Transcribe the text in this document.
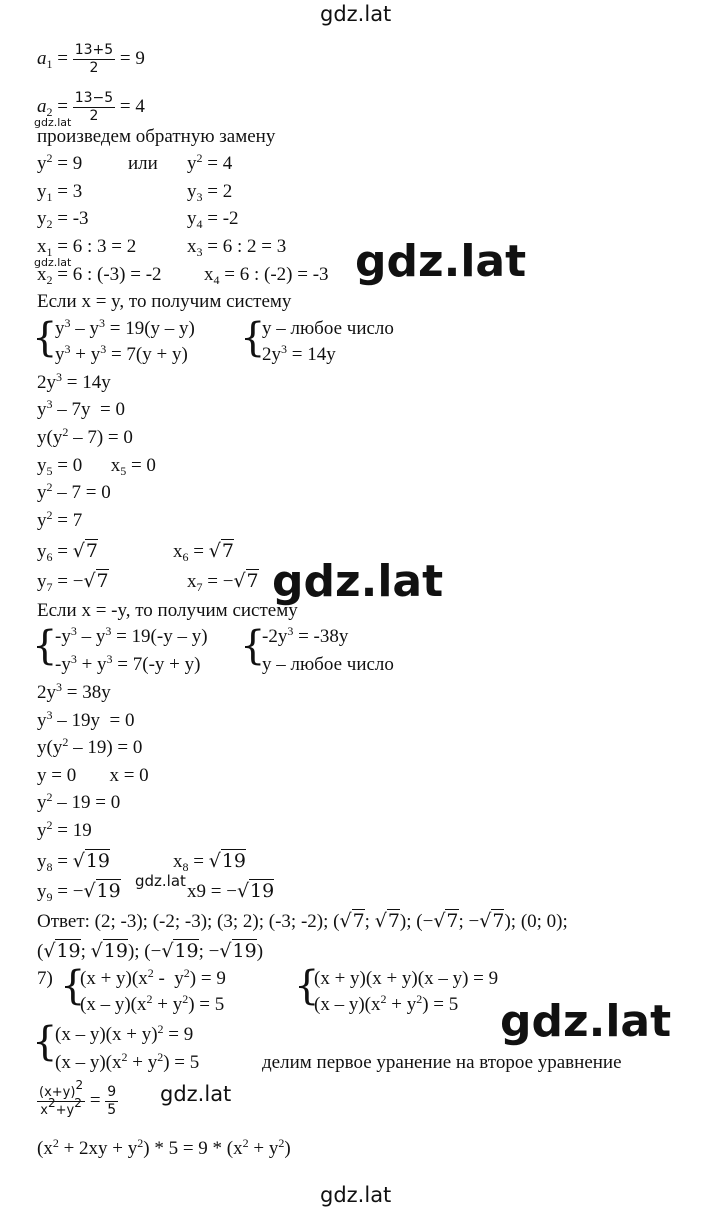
gdz.lat
$a_1 = \frac{13+5}{2} = 9$
$a_2 = \frac{13-5}{2} = 4$
gdz.lat
произведем обратную замену
$y^2 = 9$ или $y^2 = 4$
$y_1 = 3$	$y_3 = 2$
$y_2 = -3$	$y_4 = -2$
$x_1 = 6$ : 3 = 2	$x_3 = 6$ : 2 = 3
gdz.lat
$x_2 = 6$ : (-3) = -2 $x_4 = 6$ : (-2) = -3 gdz.lat
Если x = y, то получим систему
{
$y^3 - y^3 = 19(y - y)$
$y^3 + y^3 = 7(y + y)$ {
y – любое число
$2y^3 = 14y$
$2y^3 = 14y$
$y^3 - 7y = 0$
$y(y^2 - 7) = 0$
$y_5 = 0$      $x_5 = 0$
$y^2 - 7 = 0$
$y^2 = 7$
$y_6 = √7$	$x_6 = √7$
$y_7 = -√7$	$x_7 = -√7$ gdz.lat
Если x = -y, то получим систему
{
$-y^3 - y^3 = 19(-y - y)$
$-y^3 + y^3 = 7(-y + y)$ {
$-2y^3 = -38y$
y – любое число
$2y^3 = 38y$
$y^3 - 19y = 0$
$y(y^2 - 19) = 0$
y = 0       x = 0
$y^2 - 19 = 0$
$y^2 = 19$
$y_8 = √19$	$x_8 = √19$
$y_9 = -√19$ gdz.lat x9 = −√19
Ответ: (2; -3); (-2; -3); (3; 2); (-3; -2); (√7; √7); (−√7; −√7); (0; 0);
(√19; √19); (−√19; −√19)
7) {
$(x + y)(x^2 - y^2) = 9$
$(x - y)(x^2 + y^2) = 5$ {
(x + y)(x + y)(x – y) = 9
$(x - y)(x^2 + y^2) = 5$ gdz.lat
{
$(x - y)(x + y)^2 = 9$
$(x - y)(x^2 + y^2) = 5$	делим первое уранение на второе уравнение
$\frac{(x+y)^2}{x^2+y^2} = \frac{9}{5} gdz.lat$
$(x^2 + 2xy + y^2) * 5 = 9 * (x^2 + y^2)$
gdz.lat
